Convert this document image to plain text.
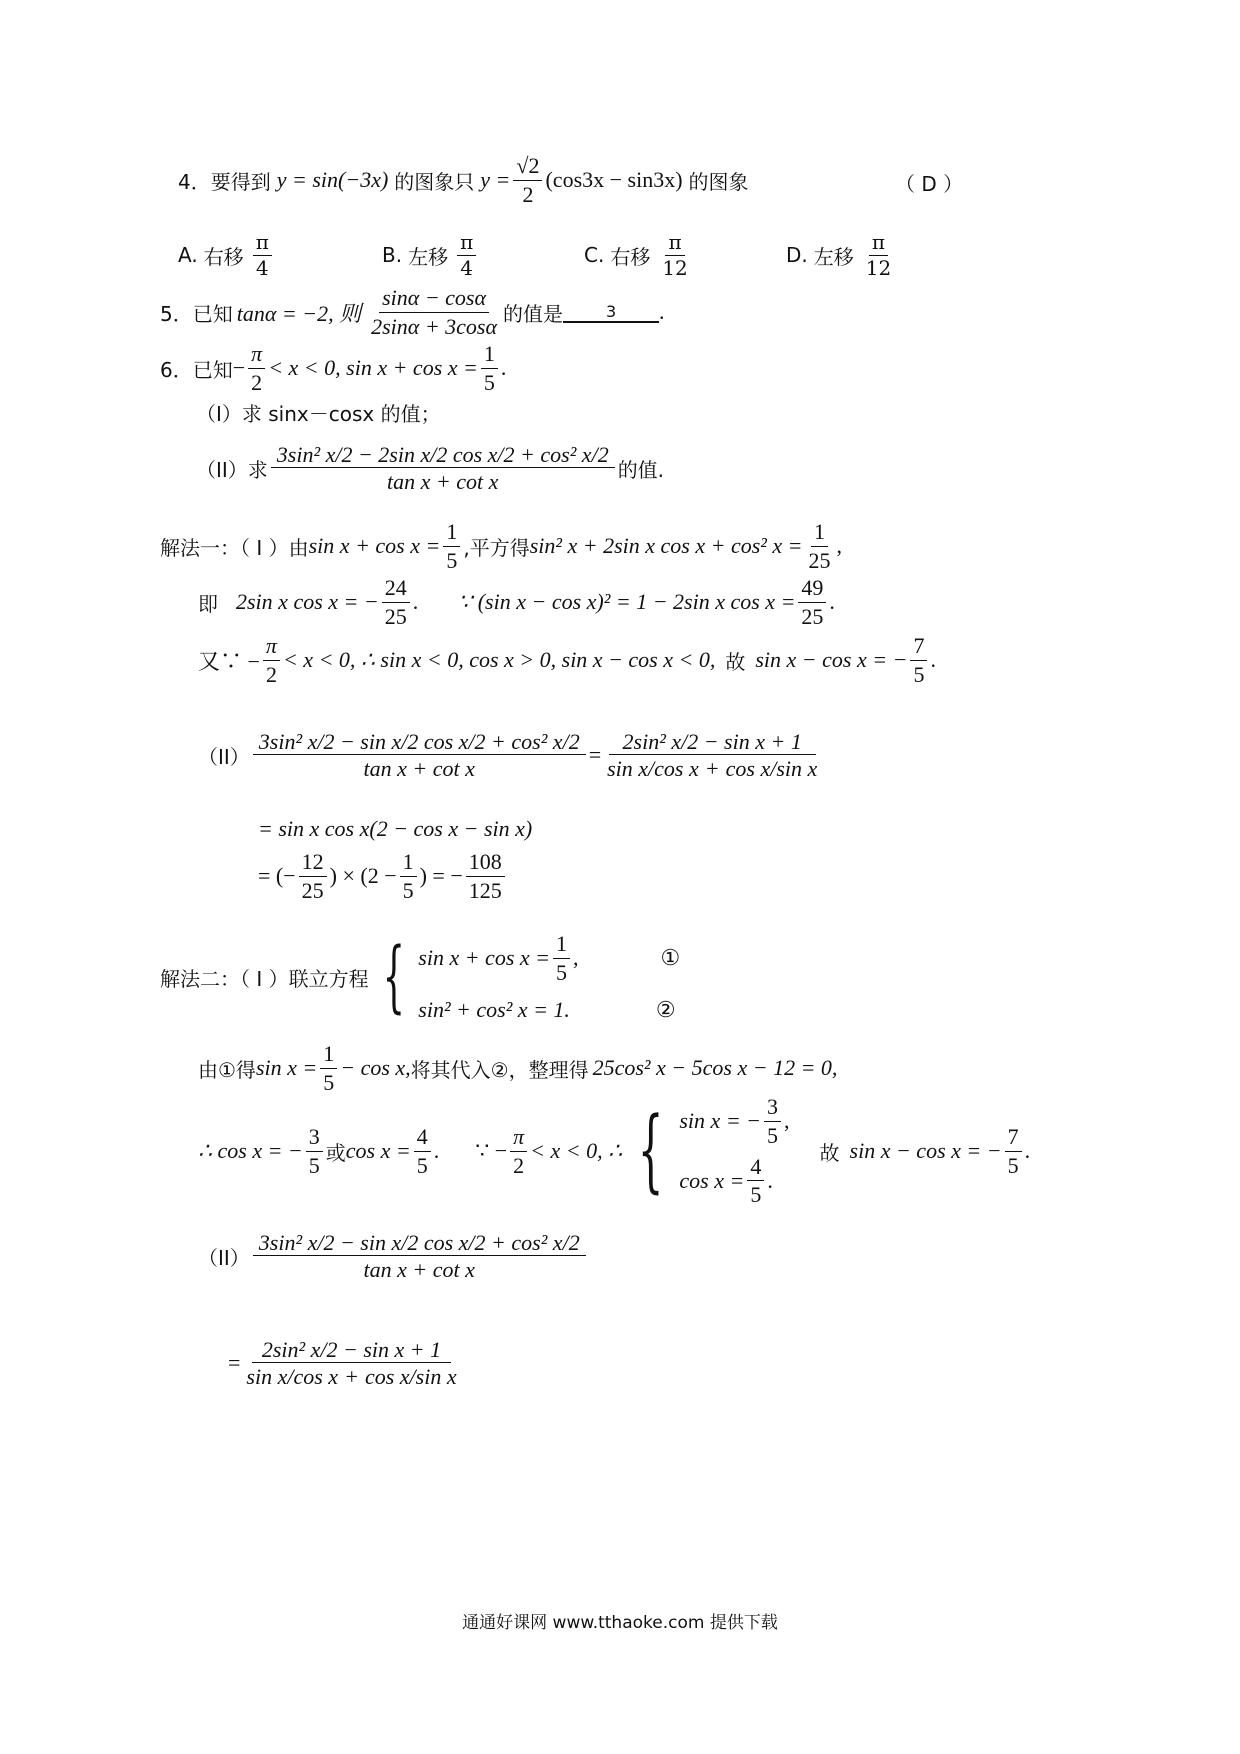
4． 要得到 y = sin(−3x) 的图象只 $y = \frac{√2}{2} (\cos 3x - \sin 3x)$ 的图象	（ D ）
A. 右移 $\frac{\pi}{4}$	B. 左移 $\frac{\pi}{4}$	C. 右移 $\frac{\pi}{12}$	D. 左移 $\frac{\pi}{12}$
5． 已知 tanα = −2, 则 $\frac{\sin\alpha - \cos\alpha}{2\sin\alpha + 3\cos\alpha}$ 的值是	3	.
6． 已知 − $\frac{\pi}{2} < x < 0$, $\sin x + \cos x = \frac{1}{5}$ .
（I）求 sinx－cosx 的值；
（II）求 $\frac{\text{3sin² x/2 − 2sin x/2 cos x/2 + cos² x/2}}{\text{tan x + cot x}}$ 的值.
解法一：（ I ）由 $\sin x + \cos x = \frac{1}{5}$ ,平方得 sin² x + 2sin x cos x + cos² $x = \frac{1}{25}$ ,
即 2sin x cos x = − $\frac{24}{25}$ . ∵ (sin x − cos x)² = 1 − 2sin x $\cos x = \frac{49}{25}$ .
又∵ − $\frac{\pi}{2} < x < 0$, ∴ sin x < 0, cos x > 0, sin x − cos x < 0, 故 sin x − cos x = − $\frac{7}{5}$ .
$(II) \frac{\text{3sin² x/2 − sin x/2 cos x/2 + cos² x/2}}{\text{tan x + cot x}} = \frac{\text{2sin² x/2 − sin x + 1}}{\text{sin x/cos x + cos x/sin x}}$
= sin x cos x(2 − cos x − sin x)
= (− $\frac{12}{25}$ ) × ($2 - \frac{1}{5}$ ) = − $\frac{108}{125}$
解法二：（ I ）联立方程 { $\sin x + \cos x = \frac{1}{5}$ ,	①
sin² + cos² x = 1.	②
由①得 $\sin x = \frac{1}{5} - \cos x$, 将其代入②，整理得 25cos² x − 5cos x − 12 = 0,
∴ cos x = − $\frac{3}{5}$ 或 $\cos x = \frac{4}{5}$ . ∵ − $\frac{\pi}{2} < x < 0$, ∴ { sin x = − $\frac{3}{5}$ ,
$\cos x = \frac{4}{5}$ .
故 sin x − cos x = − $\frac{7}{5}$ .
$(II) \frac{\text{3sin² x/2 − sin x/2 cos x/2 + cos² x/2}}{\text{tan x + cot x}}$
= $\frac{\text{2sin² x/2 − sin x + 1}}{\text{sin x/cos x + cos x/sin x}}$
通通好课网 www.tthaoke.com 提供下载
